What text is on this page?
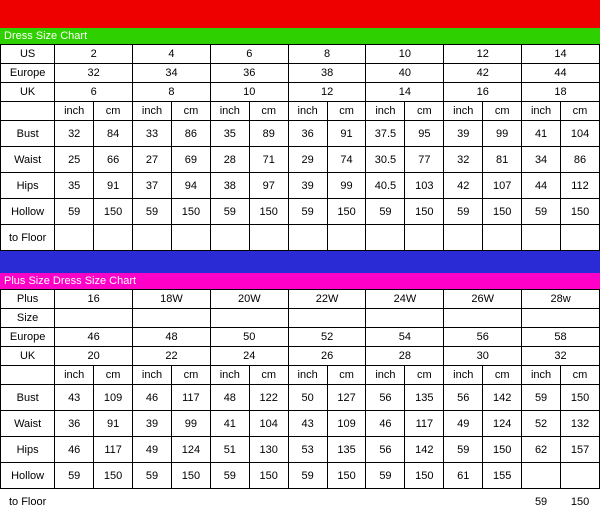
Dress Size Chart
US	2		4		6		8		10		12		14	
Europe	32		34		36		38		40		42		44	
UK	6		8		10		12		14		16		18	
	inch	cm	inch	cm	inch	cm	inch	cm	inch	cm	inch	cm	inch	cm
Bust	32	84	33	86	35	89	36	91	37.5	95	39	99	41	104
Waist	25	66	27	69	28	71	29	74	30.5	77	32	81	34	86
Hips	35	91	37	94	38	97	39	99	40.5	103	42	107	44	112
Hollow	59	150	59	150	59	150	59	150	59	150	59	150	59	150
to Floor														
Plus Size Dress Size Chart
Plus	16		18W		20W		22W		24W		26W		28w	
Size														
Europe	46		48		50		52		54		56		58	
UK	20		22		24		26		28		30		32	
	inch	cm	inch	cm	inch	cm	inch	cm	inch	cm	inch	cm	inch	cm
Bust	43	109	46	117	48	122	50	127	56	135	56	142	59	150
Waist	36	91	39	99	41	104	43	109	46	117	49	124	52	132
Hips	46	117	49	124	51	130	53	135	56	142	59	150	62	157
Hollow	59	150	59	150	59	150	59	150	59	150	61	155		
to Floor													59	150
